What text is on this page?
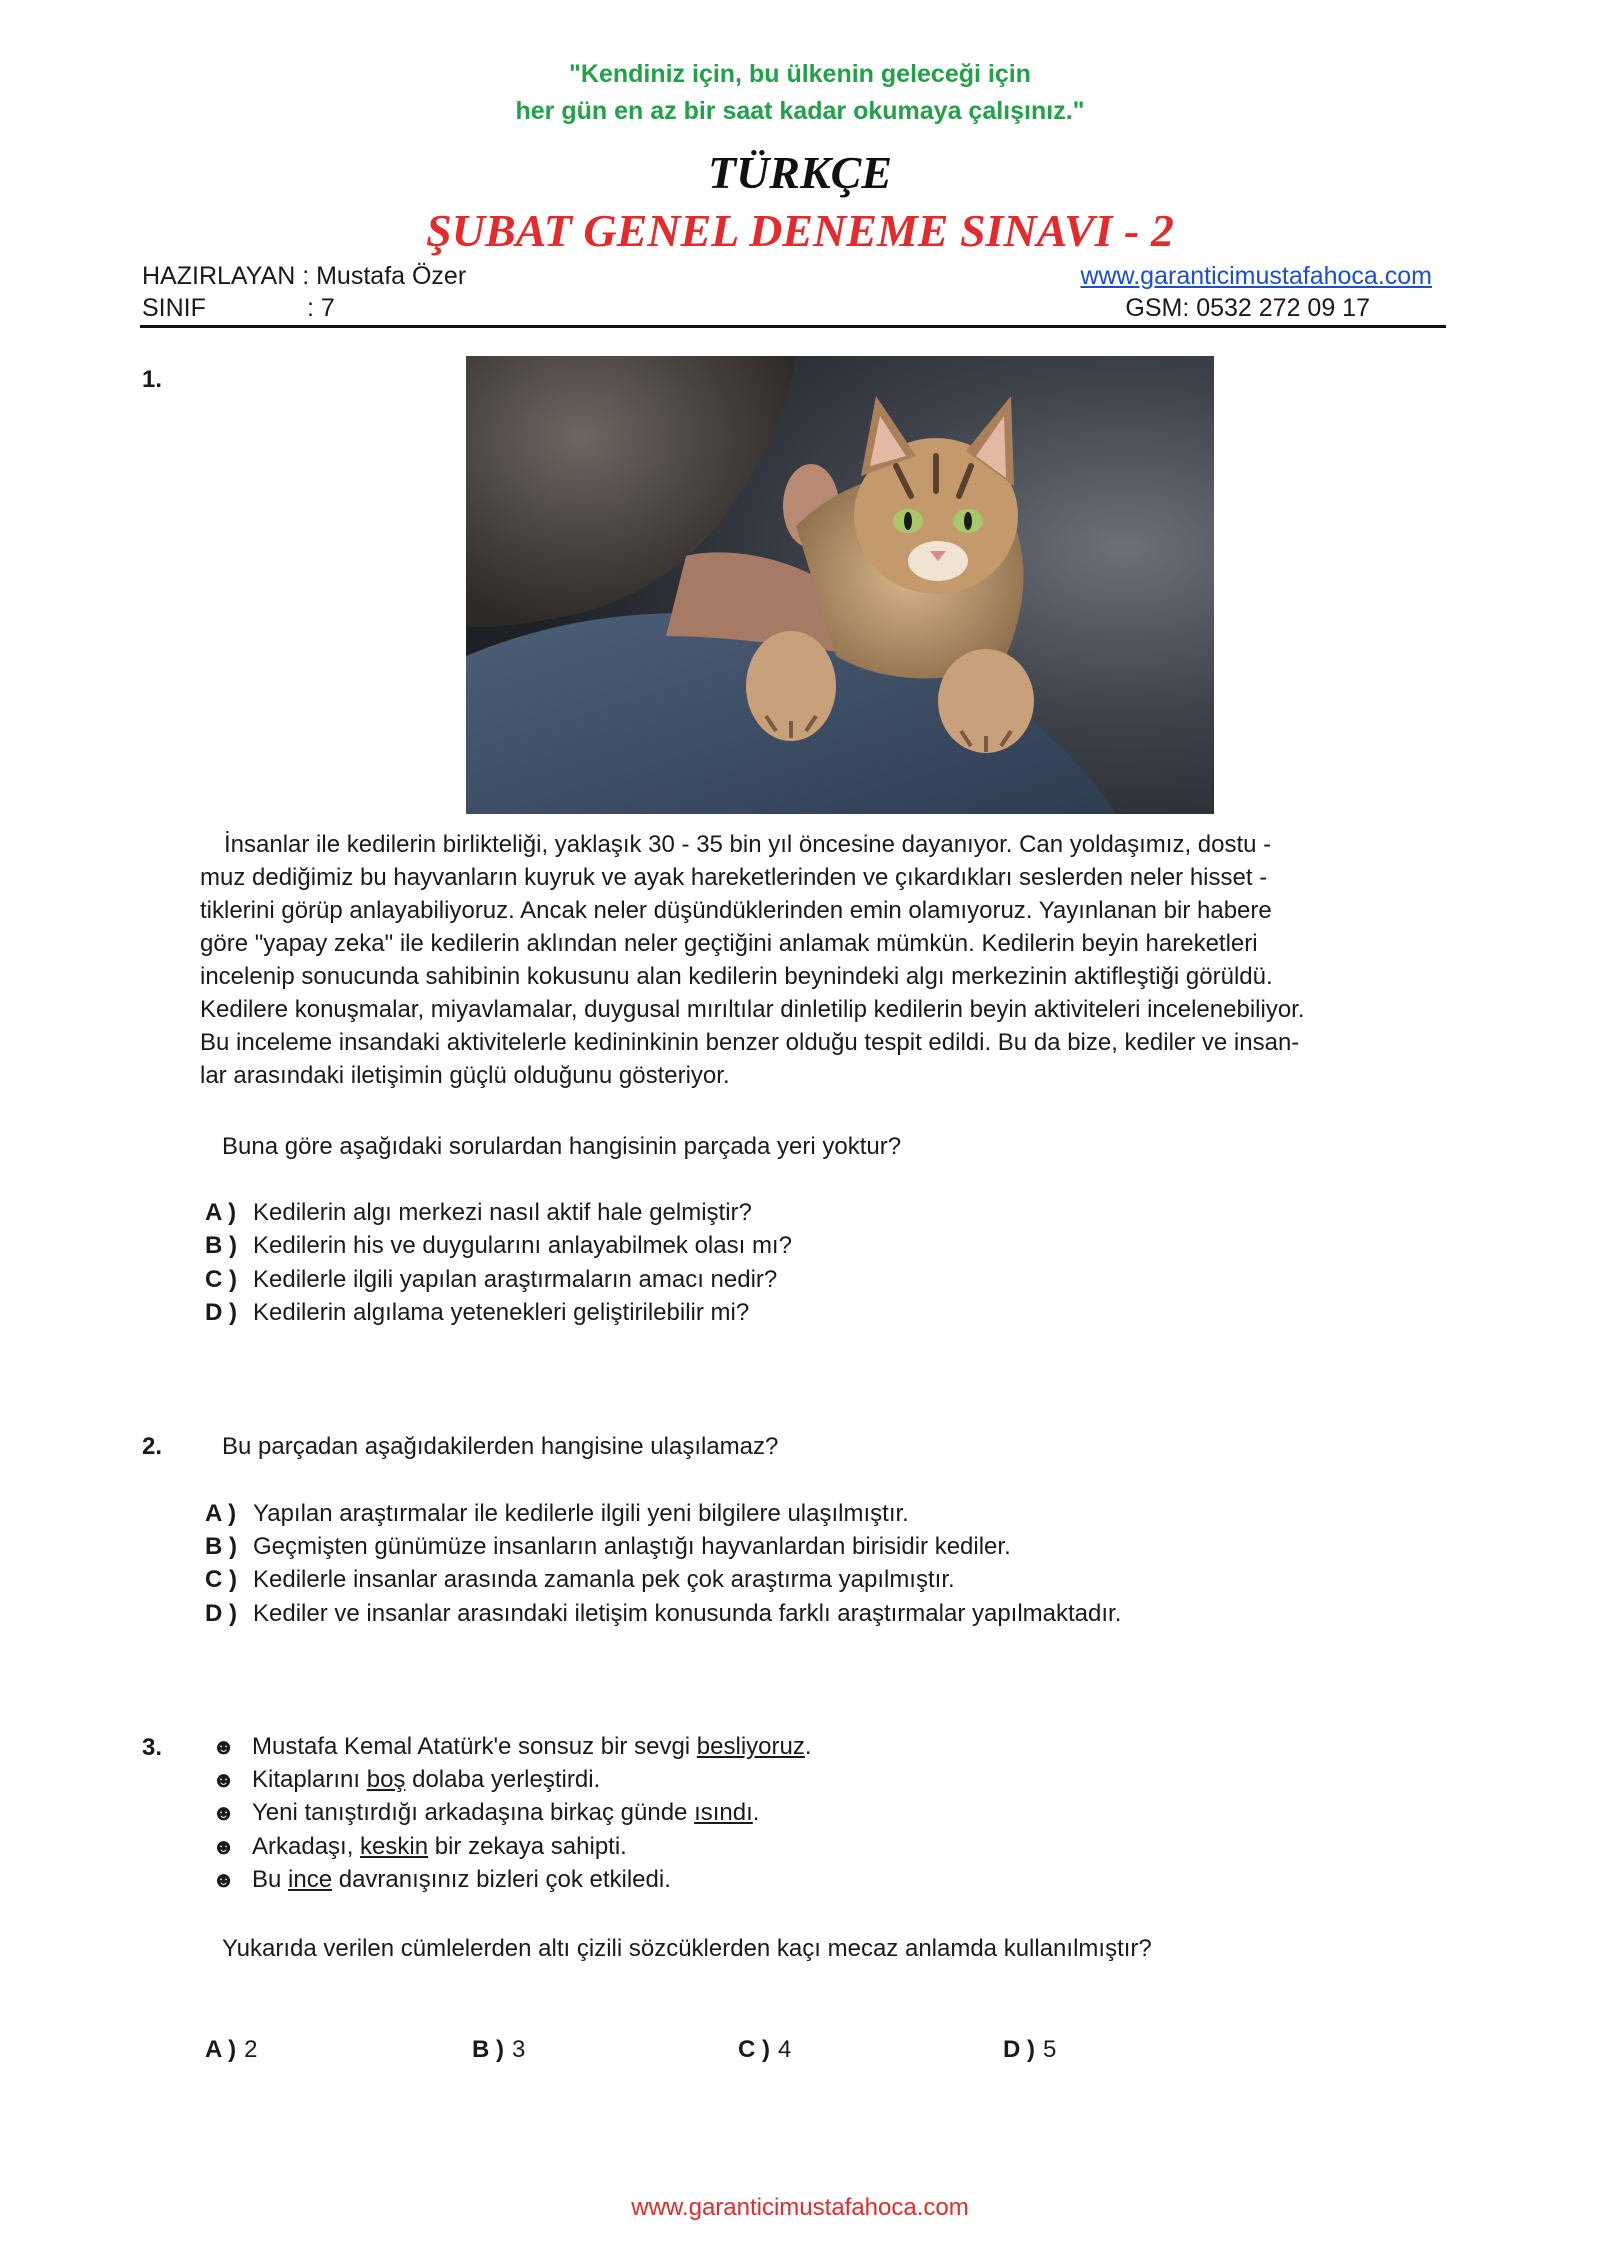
"Kendiniz için, bu ülkenin geleceği için
her gün en az bir saat kadar okumaya çalışınız."
TÜRKÇE
ŞUBAT GENEL DENEME SINAVI - 2
HAZIRLAYAN : Mustafa Özer	www.garanticimustafahoca.com
SINIF	: 7	GSM: 0532 272 09 17
1.
İnsanlar ile kedilerin birlikteliği, yaklaşık 30 - 35 bin yıl öncesine dayanıyor. Can yoldaşımız, dostu -
muz dediğimiz bu hayvanların kuyruk ve ayak hareketlerinden ve çıkardıkları seslerden neler hisset -
tiklerini görüp anlayabiliyoruz. Ancak neler düşündüklerinden emin olamıyoruz. Yayınlanan bir habere
göre "yapay zeka" ile kedilerin aklından neler geçtiğini anlamak mümkün. Kedilerin beyin hareketleri
incelenip sonucunda sahibinin kokusunu alan kedilerin beynindeki algı merkezinin aktifleştiği görüldü.
Kedilere konuşmalar, miyavlamalar, duygusal mırıltılar dinletilip kedilerin beyin aktiviteleri incelenebiliyor.
Bu inceleme insandaki aktivitelerle kedininkinin benzer olduğu tespit edildi. Bu da bize, kediler ve insan-
lar arasındaki iletişimin güçlü olduğunu gösteriyor.
Buna göre aşağıdaki sorulardan hangisinin parçada yeri yoktur?
A ) Kedilerin algı merkezi nasıl aktif hale gelmiştir?
B ) Kedilerin his ve duygularını anlayabilmek olası mı?
C ) Kedilerle ilgili yapılan araştırmaların amacı nedir?
D ) Kedilerin algılama yetenekleri geliştirilebilir mi?
2. Bu parçadan aşağıdakilerden hangisine ulaşılamaz?
A ) Yapılan araştırmalar ile kedilerle ilgili yeni bilgilere ulaşılmıştır.
B ) Geçmişten günümüze insanların anlaştığı hayvanlardan birisidir kediler.
C ) Kedilerle insanlar arasında zamanla pek çok araştırma yapılmıştır.
D ) Kediler ve insanlar arasındaki iletişim konusunda farklı araştırmalar yapılmaktadır.
3. ☻ Mustafa Kemal Atatürk'e sonsuz bir sevgi besliyoruz.
☻ Kitaplarını boş dolaba yerleştirdi.
☻ Yeni tanıştırdığı arkadaşına birkaç günde ısındı.
☻ Arkadaşı, keskin bir zekaya sahipti.
☻ Bu ince davranışınız bizleri çok etkiledi.
Yukarıda verilen cümlelerden altı çizili sözcüklerden kaçı mecaz anlamda kullanılmıştır?
A ) 2	B ) 3	C ) 4	D ) 5
www.garanticimustafahoca.com
